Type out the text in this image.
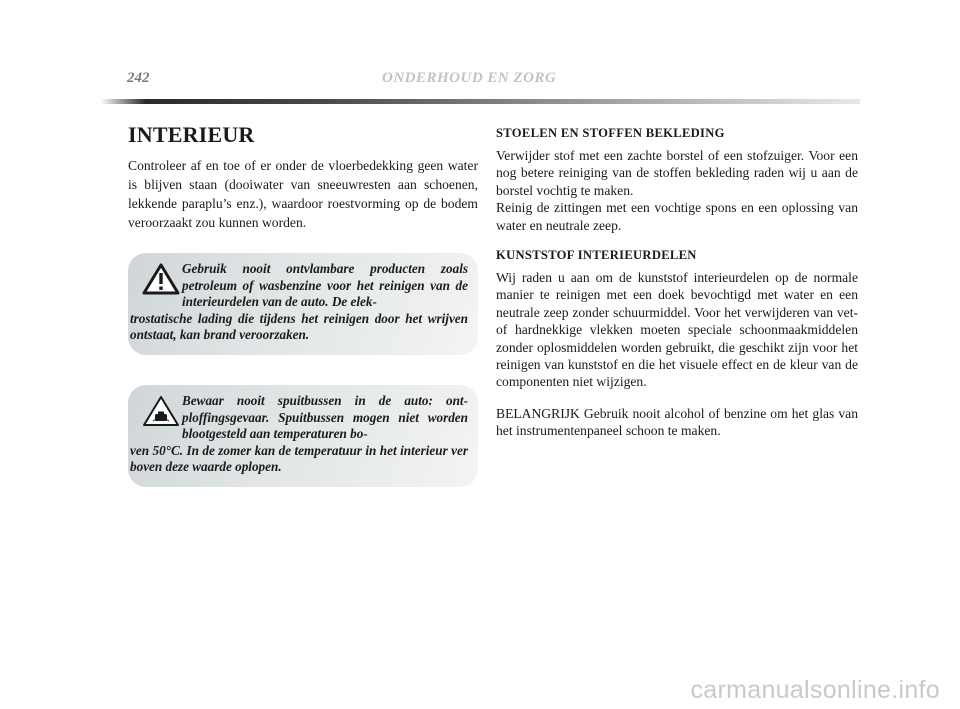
242	ONDERHOUD EN ZORG
INTERIEUR

Controleer af en toe of er onder de vloerbedekking geen water is blijven staan (dooiwater van sneeuwresten aan schoenen, lekkende paraplu’s enz.), waardoor roestvorming op de bodem veroorzaakt zou kunnen worden.

Gebruik nooit ontvlambare producten zoals petroleum of wasbenzine voor het reinigen van de interieurdelen van de auto. De elek-
trostatische lading die tijdens het reinigen door het wrijven ontstaat, kan brand veroorzaken.

Bewaar nooit spuitbussen in de auto: ontploffingsgevaar. Spuitbussen mogen niet worden blootgesteld aan temperaturen bo-
ven 50°C. In de zomer kan de temperatuur in het interieur ver boven deze waarde oplopen.

STOELEN EN STOFFEN BEKLEDING

Verwijder stof met een zachte borstel of een stofzuiger. Voor een nog betere reiniging van de stoffen bekleding raden wij u aan de borstel vochtig te maken.

Reinig de zittingen met een vochtige spons en een oplossing van water en neutrale zeep.

KUNSTSTOF INTERIEURDELEN

Wij raden u aan om de kunststof interieurdelen op de normale manier te reinigen met een doek bevochtigd met water en een neutrale zeep zonder schuurmiddel. Voor het verwijderen van vet- of hardnekkige vlekken moeten speciale schoonmaakmiddelen zonder oplosmiddelen worden gebruikt, die geschikt zijn voor het reinigen van kunststof en die het visuele effect en de kleur van de componenten niet wijzigen.

BELANGRIJK Gebruik nooit alcohol of benzine om het glas van het instrumentenpaneel schoon te maken.

carmanualsonline.info
